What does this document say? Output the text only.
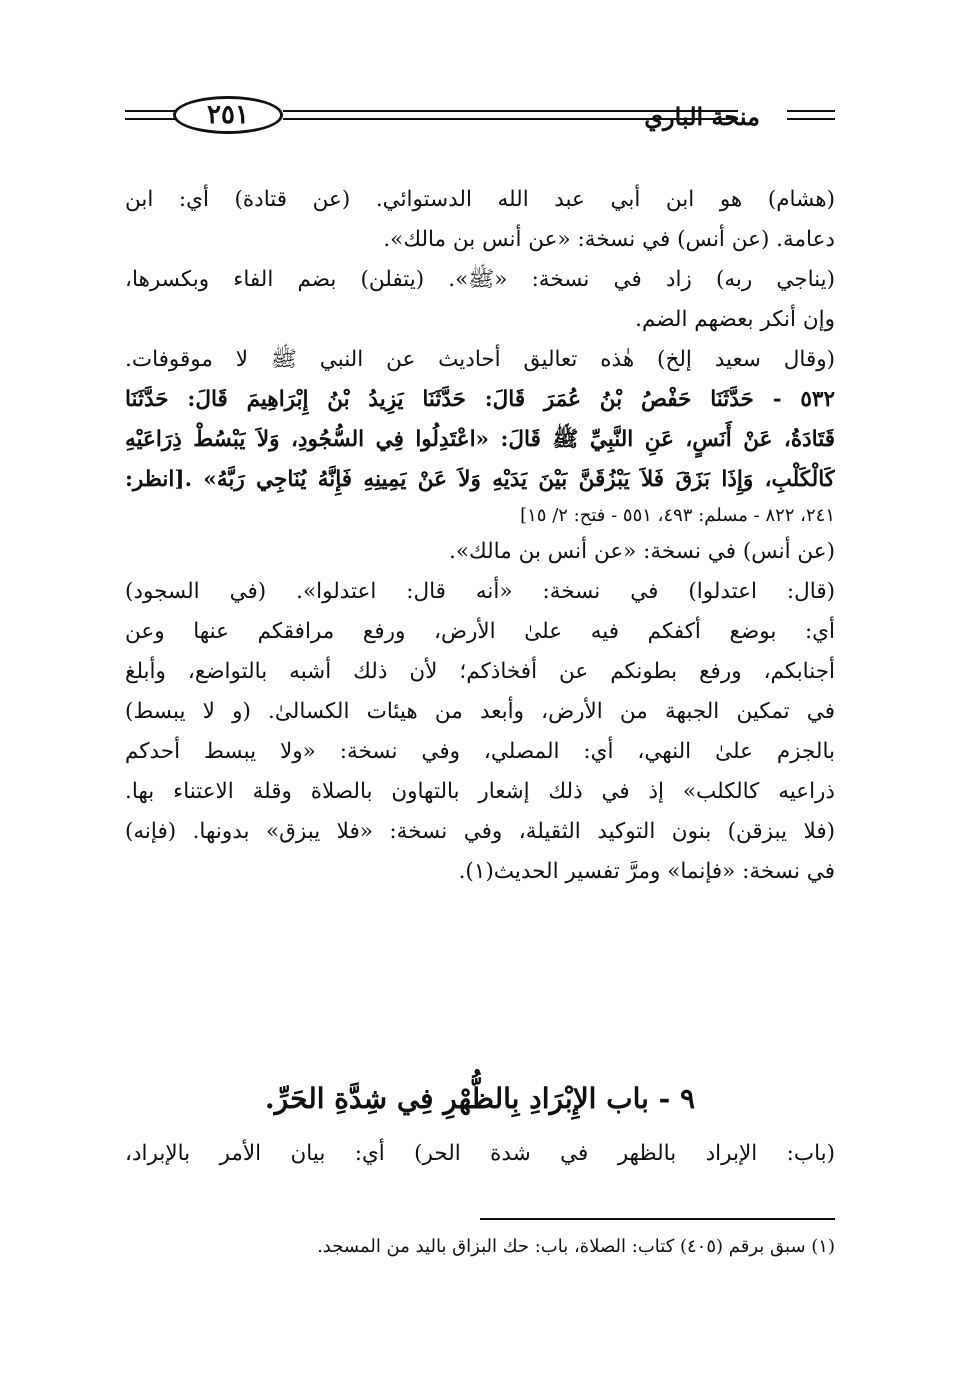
٢٥١	منحة الباري
(هشام) هو ابن أبي عبد الله الدستوائي. (عن قتادة) أي: ابن
دعامة. (عن أنس) في نسخة: «عن أنس بن مالك».
(يناجي ربه) زاد في نسخة: «ﷺ». (يتفلن) بضم الفاء وبكسرها،
وإن أنكر بعضهم الضم.
(وقال سعيد إلخ) هٰذه تعاليق أحاديث عن النبي ﷺ لا موقوفات.
٥٣٢ - حَدَّثَنَا حَفْصُ بْنُ عُمَرَ قَالَ: حَدَّثَنَا يَزِيدُ بْنُ إِبْرَاهِيمَ قَالَ: حَدَّثَنَا
قَتَادَةُ، عَنْ أَنَسٍ، عَنِ النَّبِيِّ ﷺ قَالَ: «اعْتَدِلُوا فِي السُّجُودِ، وَلاَ يَبْسُطْ ذِرَاعَيْهِ
كَالْكَلْبِ، وَإِذَا بَزَقَ فَلاَ يَبْزُقَنَّ بَيْنَ يَدَيْهِ وَلاَ عَنْ يَمِينِهِ فَإِنَّهُ يُنَاجِي رَبَّهُ» .[انظر:
٢٤١، ٨٢٢ - مسلم: ٤٩٣، ٥٥١ - فتح: ٢/ ١٥]
(عن أنس) في نسخة: «عن أنس بن مالك».
(قال: اعتدلوا) في نسخة: «أنه قال: اعتدلوا». (في السجود)
أي: بوضع أكفكم فيه علىٰ الأرض، ورفع مرافقكم عنها وعن
أجنابكم، ورفع بطونكم عن أفخاذكم؛ لأن ذلك أشبه بالتواضع، وأبلغ
في تمكين الجبهة من الأرض، وأبعد من هيئات الكسالىٰ. (و لا يبسط)
بالجزم علىٰ النهي، أي: المصلي، وفي نسخة: «ولا يبسط أحدكم
ذراعيه كالكلب» إذ في ذلك إشعار بالتهاون بالصلاة وقلة الاعتناء بها.
(فلا يبزقن) بنون التوكيد الثقيلة، وفي نسخة: «فلا يبزق» بدونها. (فإنه)
في نسخة: «فإنما» ومرَّ تفسير الحديث(١).
٩ - باب الإِبْرَادِ بِالظُّهْرِ فِي شِدَّةِ الحَرِّ.
(باب: الإبراد بالظهر في شدة الحر) أي: بيان الأمر بالإبراد،
(١) سبق برقم (٤٠٥) كتاب: الصلاة، باب: حك البزاق باليد من المسجد.
